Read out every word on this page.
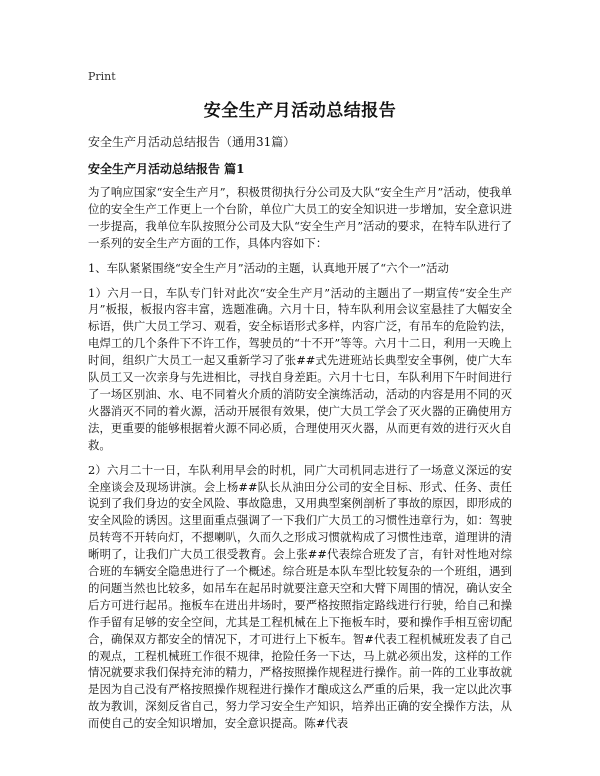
Print
安全生产月活动总结报告
安全生产月活动总结报告（通用31篇）
安全生产月活动总结报告 篇1

为了响应国家“安全生产月”，积极贯彻执行分公司及大队“安全生产月”活动，使我单位的安全生产工作更上一个台阶，单位广大员工的安全知识进一步增加，安全意识进一步提高，我单位车队按照分公司及大队“安全生产月”活动的要求，在特车队进行了一系列的安全生产方面的工作，具体内容如下：

1、车队紧紧围绕“安全生产月”活动的主题，认真地开展了“六个一”活动

1）六月一日，车队专门针对此次“安全生产月”活动的主题出了一期宣传“安全生产月”板报，板报内容丰富，选题准确。六月十日，特车队利用会议室悬挂了大幅安全标语，供广大员工学习、观看，安全标语形式多样，内容广泛，有吊车的危险钓法，电焊工的几个条件下不许工作，驾驶员的“十不开”等等。六月十二日，利用一天晚上时间，组织广大员工一起又重新学习了张##式先进班站长典型安全事例，使广大车队员工又一次亲身与先进相比，寻找自身差距。六月十七日，车队利用下午时间进行了一场区别油、水、电不同着火介质的消防安全演练活动，活动的内容是用不同的灭火器消灭不同的着火源，活动开展很有效果，使广大员工学会了灭火器的正确使用方法，更重要的能够根据着火源不同必质，合理使用灭火器，从而更有效的进行灭火自救。

2）六月二十一日，车队利用早会的时机，同广大司机同志进行了一场意义深远的安全座谈会及现场讲演。会上杨##队长从油田分公司的安全目标、形式、任务、责任说到了我们身边的安全风险、事故隐患，又用典型案例剖析了事故的原因，即形成的安全风险的诱因。这里面重点强调了一下我们广大员工的习惯性违章行为，如：驾驶员转弯不开转向灯，不摁喇叭，久而久之形成习惯就构成了习惯性违章，道理讲的清晰明了，让我们广大员工很受教育。会上张##代表综合班发了言，有针对性地对综合班的车辆安全隐患进行了一个概述。综合班是本队车型比较复杂的一个班组，遇到的问题当然也比较多，如吊车在起吊时就要注意天空和大臂下周围的情况，确认安全后方可进行起吊。拖板车在进出井场时，要严格按照指定路线进行行驶，给自己和操作手留有足够的安全空间，尤其是工程机械在上下拖板车时，要和操作手相互密切配合，确保双方都安全的情况下，才可进行上下板车。智#代表工程机械班发表了自己的观点，工程机械班工作很不规律，抢险任务一下达，马上就必须出发，这样的工作情况就要求我们保持充沛的精力，严格按照操作规程进行操作。前一阵的工业事故就是因为自己没有严格按照操作规程进行操作才酿成这么严重的后果，我一定以此次事故为教训，深刻反省自己，努力学习安全生产知识，培养出正确的安全操作方法，从而使自己的安全知识增加，安全意识提高。陈#代表
